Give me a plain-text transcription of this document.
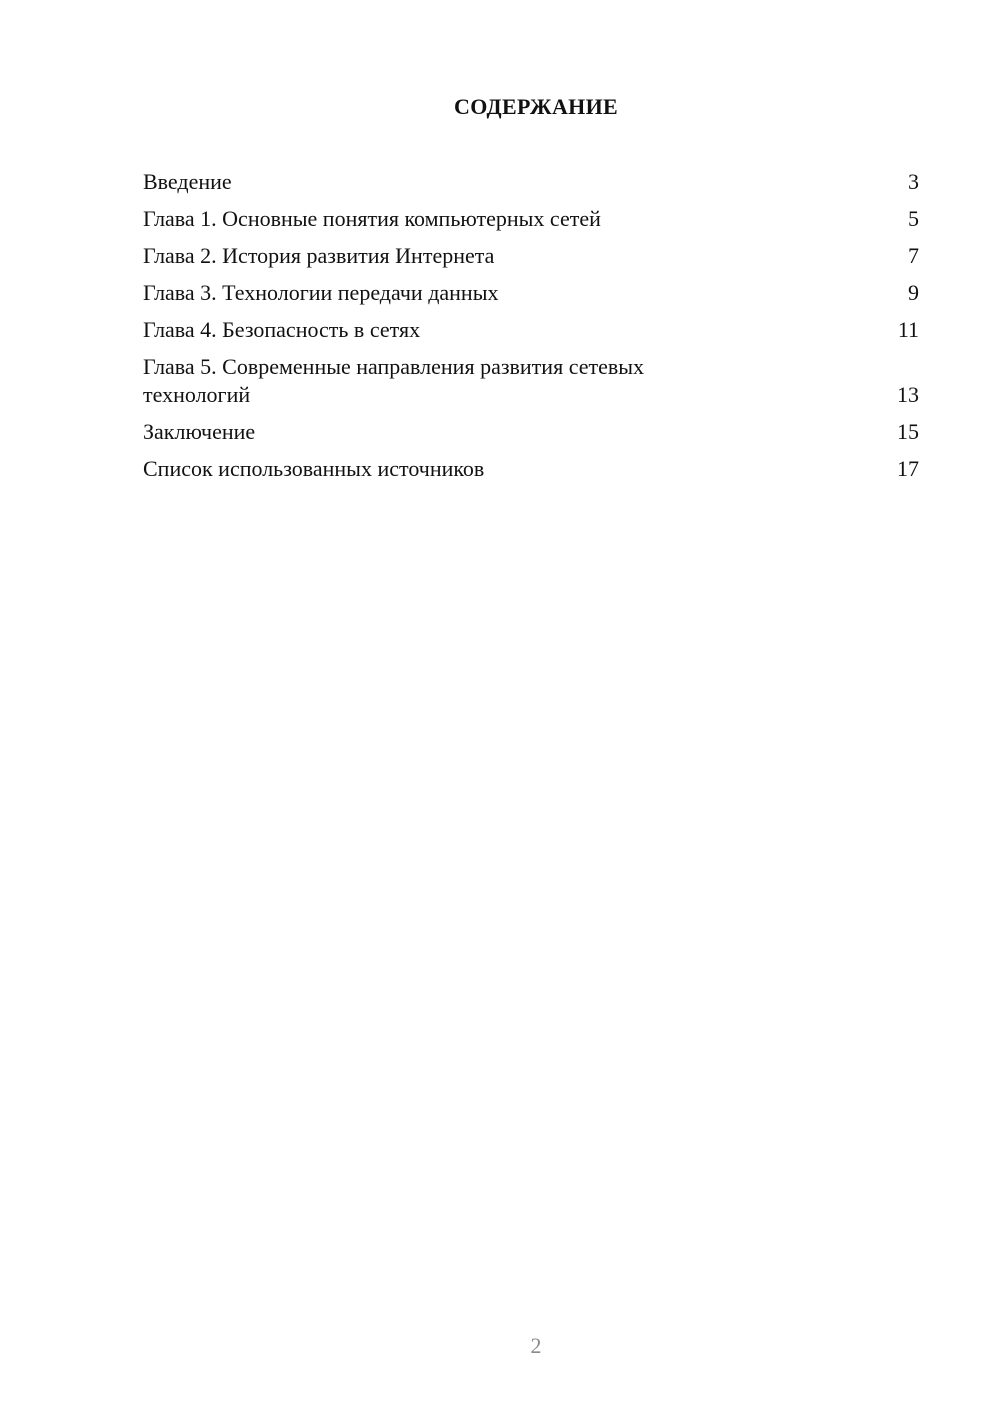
СОДЕРЖАНИЕ
Введение	3
Глава 1. Основные понятия компьютерных сетей	5
Глава 2. История развития Интернета	7
Глава 3. Технологии передачи данных	9
Глава 4. Безопасность в сетях	11
Глава 5. Современные направления развития сетевых технологий	13
Заключение	15
Список использованных источников	17
2
